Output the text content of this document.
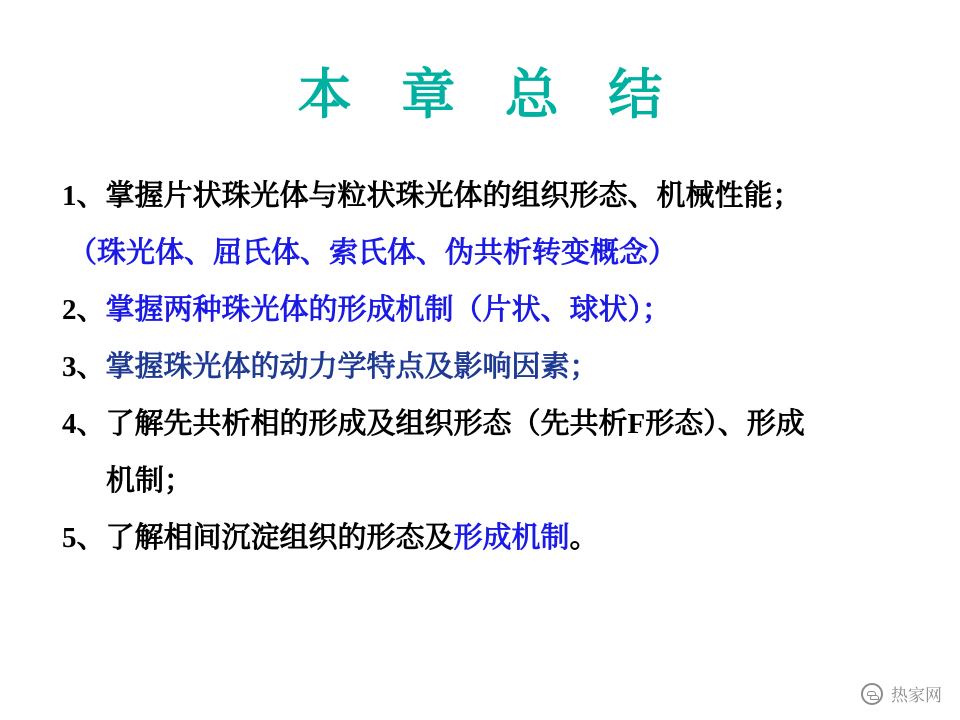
本 章 总 结
1、掌握片状珠光体与粒状珠光体的组织形态、机械性能；
（珠光体、屈氏体、索氏体、伪共析转变概念）
2、掌握两种珠光体的形成机制（片状、球状）；
3、掌握珠光体的动力学特点及影响因素；
4、了解先共析相的形成及组织形态（先共析F形态）、形成
机制；
5、了解相间沉淀组织的形态及形成机制。
热家网
